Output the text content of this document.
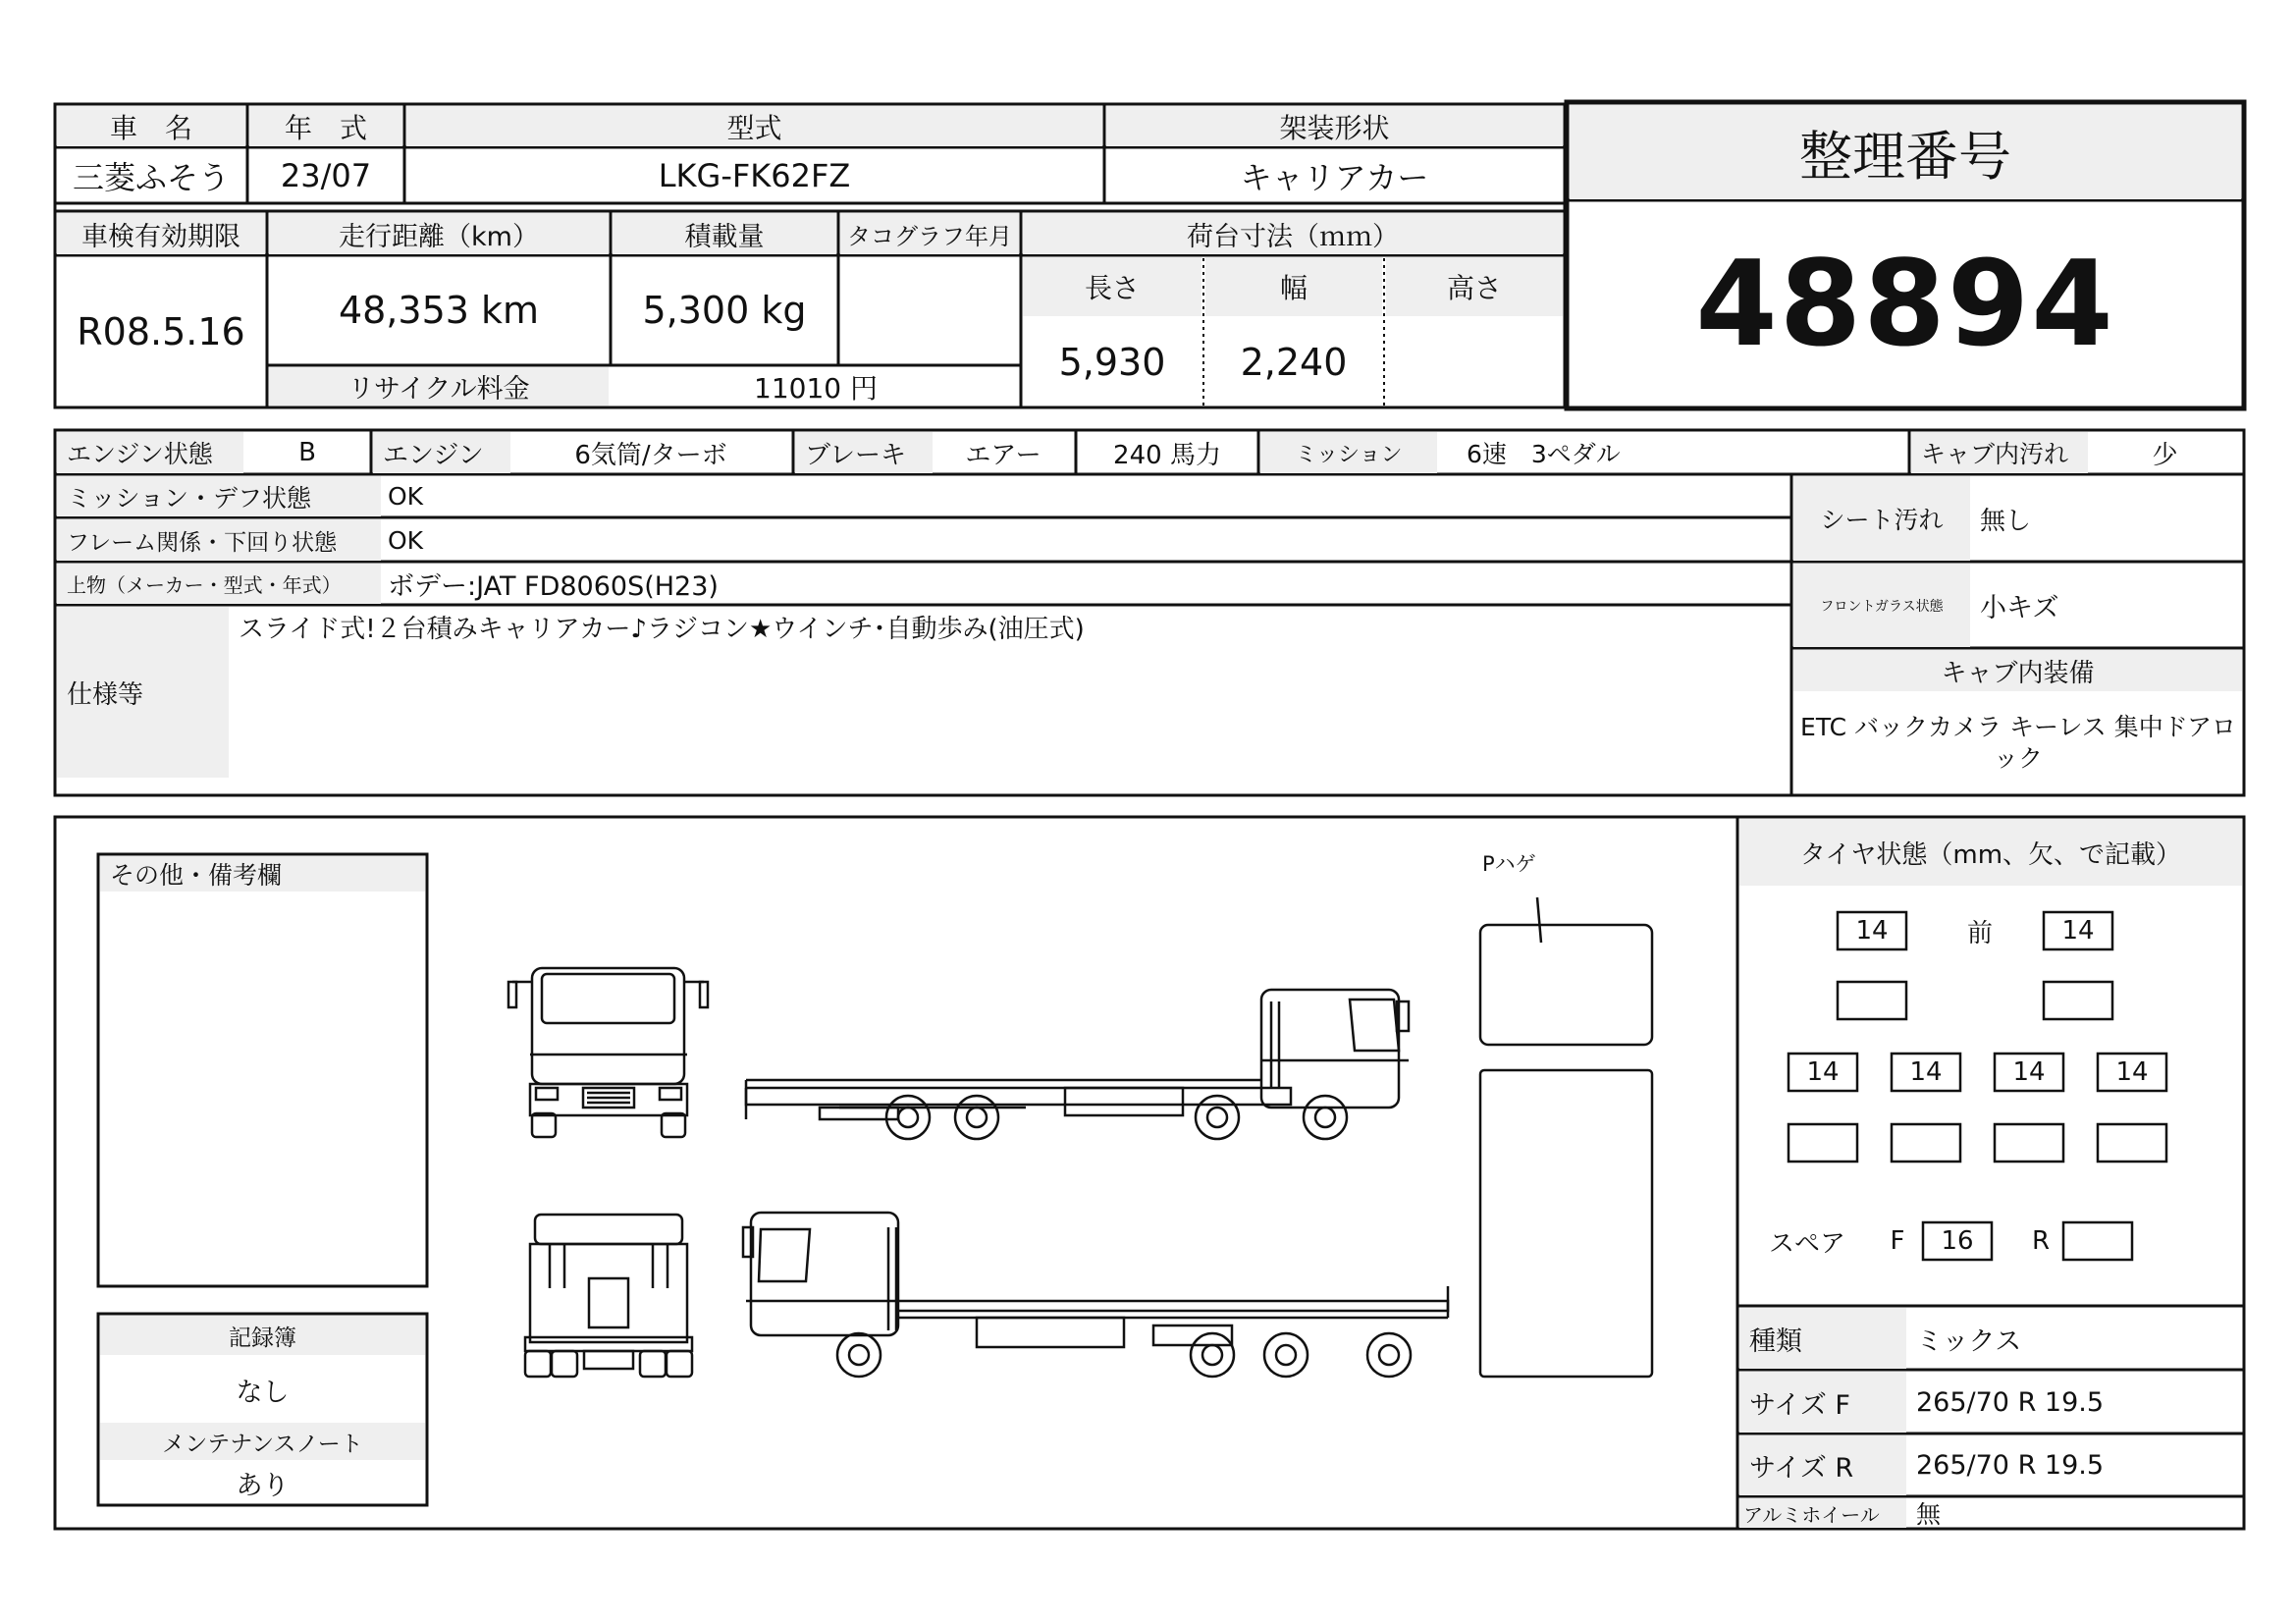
車　名	年　式	型式	架装形状
三菱ふそう	23/07	LKG-FK62FZ	キャリアカー
車検有効期限	走行距離（km）	積載量	タコグラフ年月	荷台寸法（ｍｍ）
R08.5.16	48,353 km	5,300 kg
長さ	幅	高さ
5,930	2,240
リサイクル料金	11010 円
整理番号
48894
エンジン状態	B	エンジン	6気筒/ターボ	ブレーキ	エアー	240 馬力	ミッション	6速　3ペダル	キャブ内汚れ	少
ミッション・デフ状態	OK
フレーム関係・下回り状態	OK
上物（メーカー・型式・年式）	ボデー:JAT FD8060S(H23)
仕様等
スライド式!２台積みキャリアカー♪ラジコン★ウインチ･自動歩み(油圧式)
シート汚れ	無し
フロントガラス状態	小キズ
キャブ内装備
ETC バックカメラ キーレス 集中ドアロック
その他・備考欄
記録簿
なし
メンテナンスノート
あり
Pハゲ	タイヤ状態（mm、欠、で記載）
14	前	14
14	14	14	14
スペア	F	16	R
種類	ミックス
サイズ F	265/70 R 19.5
サイズ R	265/70 R 19.5
アルミホイール	無
